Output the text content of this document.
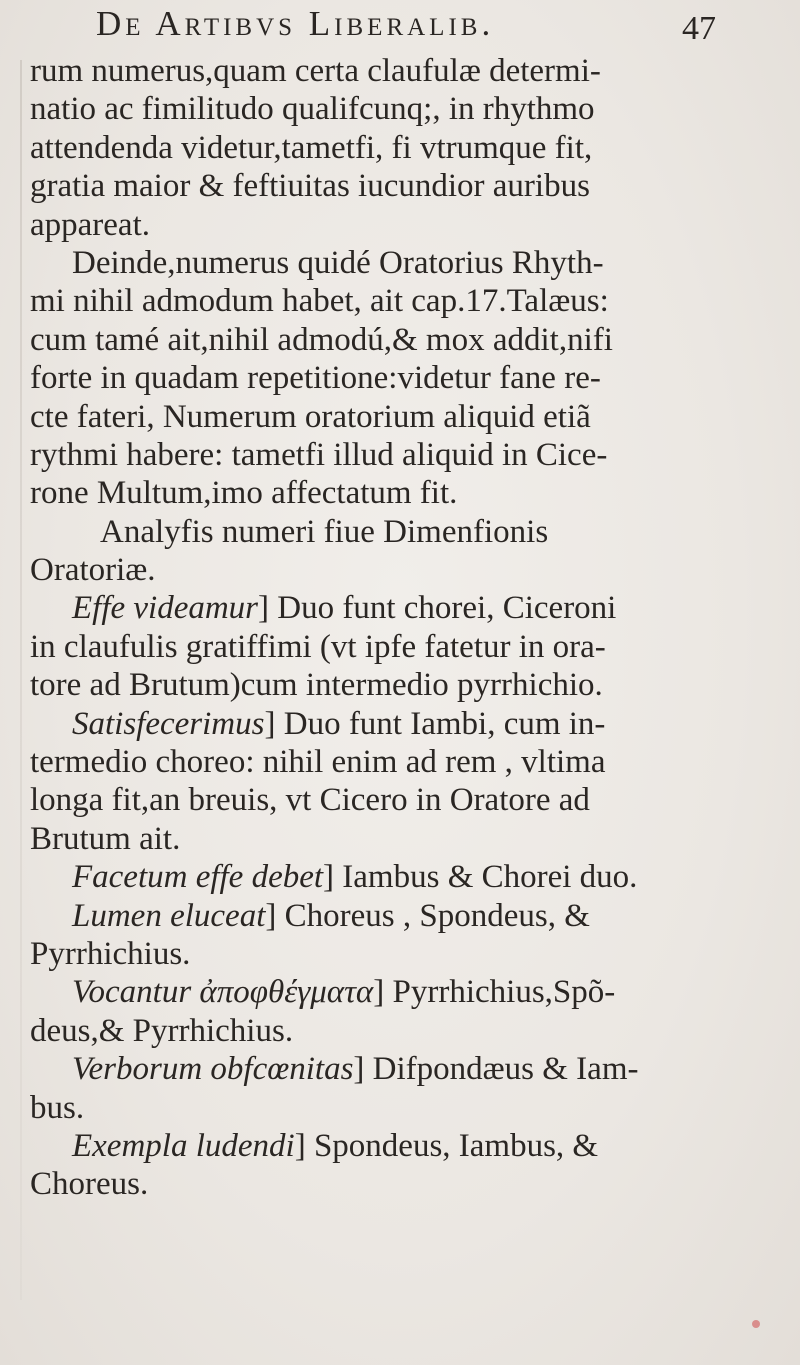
De Artibvs Liberalib.	47
rum numerus,quam certa claufulæ determi-
natio ac fimilitudo qualifcunq;, in rhythmo
attendenda videtur,tametfi, fi vtrumque fit,
gratia maior & feftiuitas iucundior auribus
appareat.
Deinde,numerus quidé Oratorius Rhyth-
mi nihil admodum habet, ait cap.17.Talæus:
cum tamé ait,nihil admodú,& mox addit,nifi
forte in quadam repetitione:videtur fane re-
cte fateri, Numerum oratorium aliquid etiã
rythmi habere: tametfi illud aliquid in Cice-
rone Multum,imo affectatum fit.
Analyfis numeri fiue Dimenfionis
Oratoriæ.
Effe videamur] Duo funt chorei, Ciceroni
in claufulis gratiffimi (vt ipfe fatetur in ora-
tore ad Brutum)cum intermedio pyrrhichio.
Satisfecerimus] Duo funt Iambi, cum in-
termedio choreo: nihil enim ad rem , vltima
longa fit,an breuis, vt Cicero in Oratore ad
Brutum ait.
Facetum effe debet] Iambus & Chorei duo.
Lumen eluceat] Choreus , Spondeus, &
Pyrrhichius.
Vocantur ἀποφθέγματα] Pyrrhichius,Spõ-
deus,& Pyrrhichius.
Verborum obfcœnitas] Difpondæus & Iam-
bus.
Exempla ludendi] Spondeus, Iambus, &
Choreus.
